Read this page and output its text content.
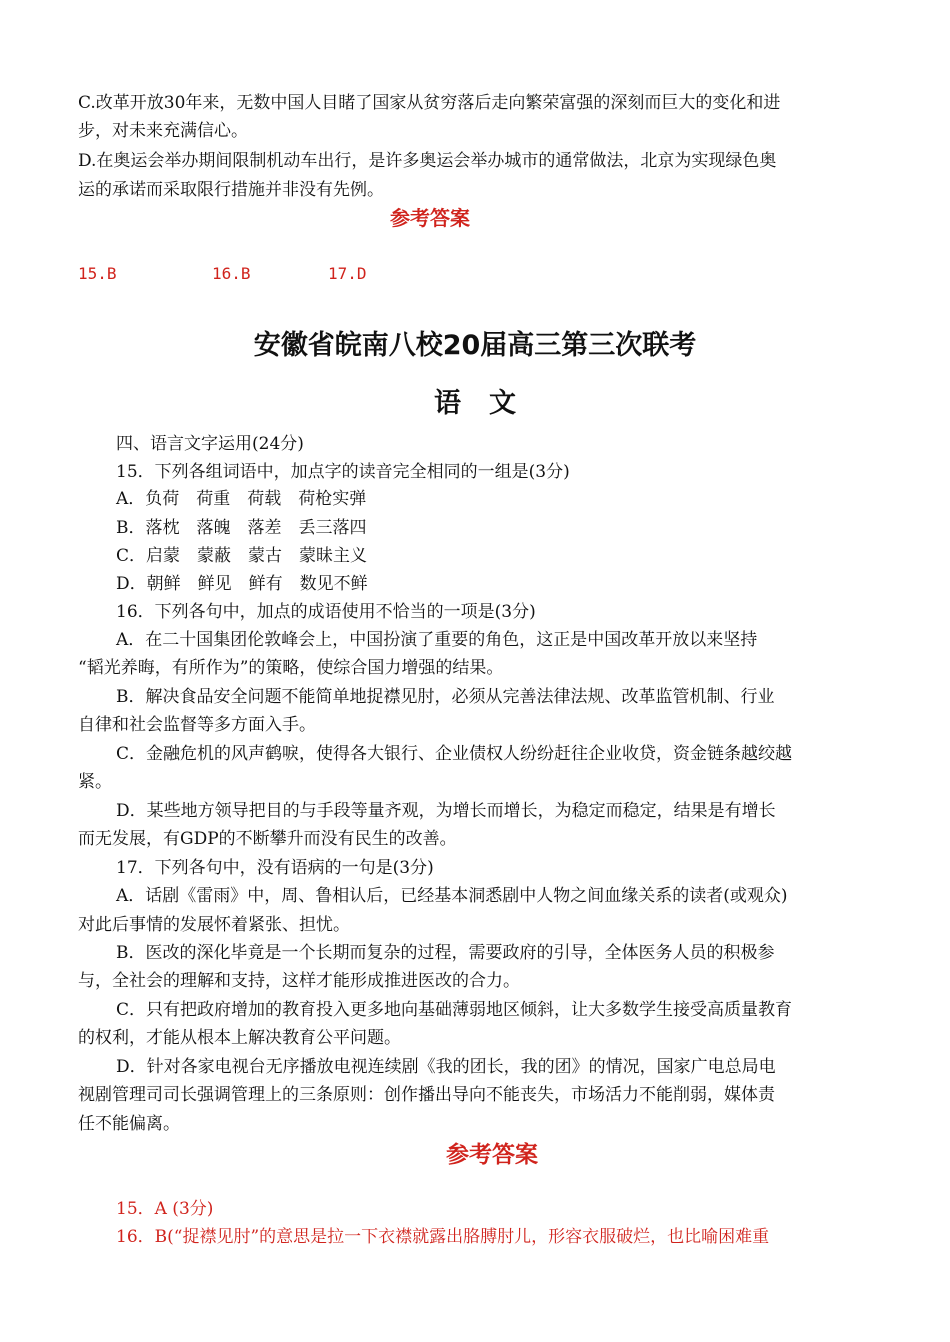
C.改革开放30年来，无数中国人目睹了国家从贫穷落后走向繁荣富强的深刻而巨大的变化和进
步，对未来充满信心。
D.在奥运会举办期间限制机动车出行，是许多奥运会举办城市的通常做法，北京为实现绿色奥
运的承诺而采取限行措施并非没有先例。
参考答案
15.B	16.B	17.D
安徽省皖南八校20届高三第三次联考
语文
四、语言文字运用(24分)
15．下列各组词语中，加点字的读音完全相同的一组是(3分)
A．负荷　荷重　荷载　荷枪实弹
B．落枕　落魄　落差　丢三落四
C．启蒙　蒙蔽　蒙古　蒙昧主义
D．朝鲜　鲜见　鲜有　数见不鲜
16．下列各句中，加点的成语使用不恰当的一项是(3分)
A．在二十国集团伦敦峰会上，中国扮演了重要的角色，这正是中国改革开放以来坚持
“韬光养晦，有所作为”的策略，使综合国力增强的结果。
B．解决食品安全问题不能简单地捉襟见肘，必须从完善法律法规、改革监管机制、行业
自律和社会监督等多方面入手。
C．金融危机的风声鹤唳，使得各大银行、企业债权人纷纷赶往企业收贷，资金链条越绞越
紧。
D．某些地方领导把目的与手段等量齐观，为增长而增长，为稳定而稳定，结果是有增长
而无发展，有GDP的不断攀升而没有民生的改善。
17．下列各句中，没有语病的一句是(3分)
A．话剧《雷雨》中，周、鲁相认后，已经基本洞悉剧中人物之间血缘关系的读者(或观众)
对此后事情的发展怀着紧张、担忧。
B．医改的深化毕竟是一个长期而复杂的过程，需要政府的引导，全体医务人员的积极参
与，全社会的理解和支持，这样才能形成推进医改的合力。
C．只有把政府增加的教育投入更多地向基础薄弱地区倾斜，让大多数学生接受高质量教育
的权利，才能从根本上解决教育公平问题。
D．针对各家电视台无序播放电视连续剧《我的团长，我的团》的情况，国家广电总局电
视剧管理司司长强调管理上的三条原则：创作播出导向不能丧失，市场活力不能削弱，媒体责
任不能偏离。
参考答案
15．A (3分)
16．B(“捉襟见肘”的意思是拉一下衣襟就露出胳膊肘儿，形容衣服破烂，也比喻困难重
